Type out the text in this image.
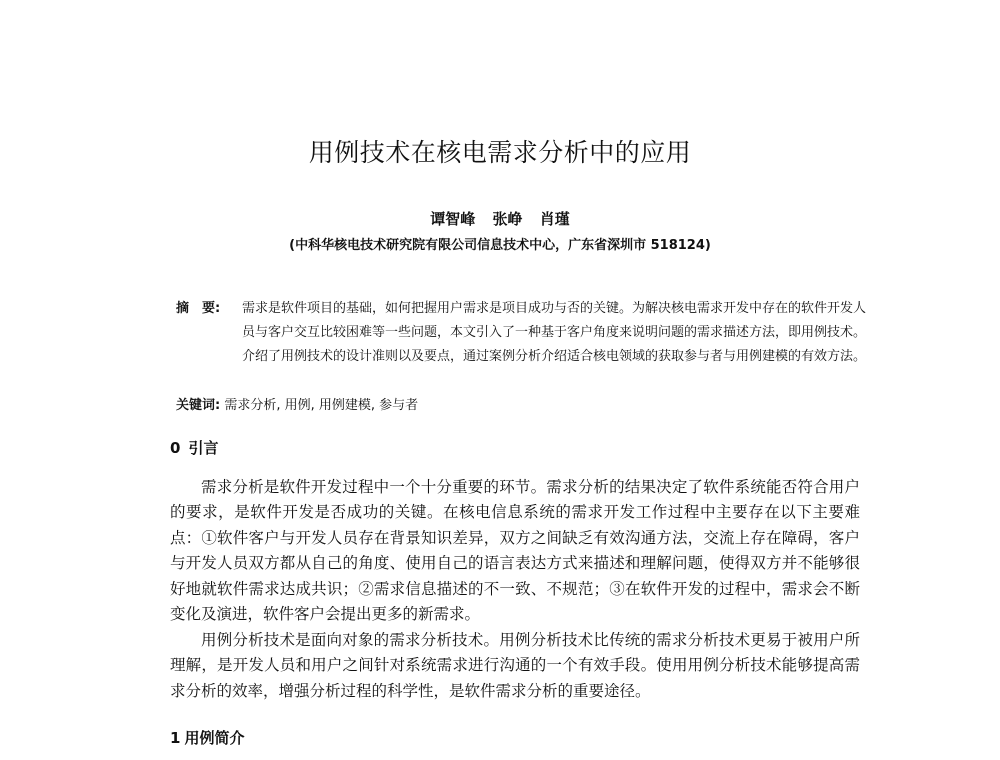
用例技术在核电需求分析中的应用
谭智峰 张峥 肖瑾
(中科华核电技术研究院有限公司信息技术中心，广东省深圳市 518124)
摘　要:	需求是软件项目的基础，如何把握用户需求是项目成功与否的关键。为解决核电需求开发中存在的软件开发人员与客户交互比较困难等一些问题，本文引入了一种基于客户角度来说明问题的需求描述方法，即用例技术。介绍了用例技术的设计准则以及要点，通过案例分析介绍适合核电领域的获取参与者与用例建模的有效方法。
关键词: 需求分析, 用例, 用例建模, 参与者
0 引言

需求分析是软件开发过程中一个十分重要的环节。需求分析的结果决定了软件系统能否符合用户的要求，是软件开发是否成功的关键。在核电信息系统的需求开发工作过程中主要存在以下主要难点：①软件客户与开发人员存在背景知识差异，双方之间缺乏有效沟通方法，交流上存在障碍，客户与开发人员双方都从自己的角度、使用自己的语言表达方式来描述和理解问题，使得双方并不能够很好地就软件需求达成共识；②需求信息描述的不一致、不规范；③在软件开发的过程中，需求会不断变化及演进，软件客户会提出更多的新需求。

用例分析技术是面向对象的需求分析技术。用例分析技术比传统的需求分析技术更易于被用户所理解，是开发人员和用户之间针对系统需求进行沟通的一个有效手段。使用用例分析技术能够提高需求分析的效率，增强分析过程的科学性，是软件需求分析的重要途径。

1 用例简介
